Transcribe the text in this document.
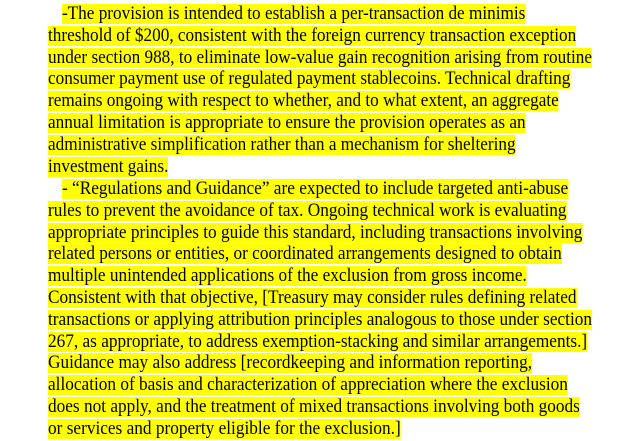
-The provision is intended to establish a per-transaction de minimis
threshold of $200, consistent with the foreign currency transaction exception
under section 988, to eliminate low-value gain recognition arising from routine
consumer payment use of regulated payment stablecoins. Technical drafting
remains ongoing with respect to whether, and to what extent, an aggregate
annual limitation is appropriate to ensure the provision operates as an
administrative simplification rather than a mechanism for sheltering
investment gains.
- “Regulations and Guidance” are expected to include targeted anti-abuse
rules to prevent the avoidance of tax. Ongoing technical work is evaluating
appropriate principles to guide this standard, including transactions involving
related persons or entities, or coordinated arrangements designed to obtain
multiple unintended applications of the exclusion from gross income.
Consistent with that objective, [Treasury may consider rules defining related
transactions or applying attribution principles analogous to those under section
267, as appropriate, to address exemption-stacking and similar arrangements.]
Guidance may also address [recordkeeping and information reporting,
allocation of basis and characterization of appreciation where the exclusion
does not apply, and the treatment of mixed transactions involving both goods
or services and property eligible for the exclusion.]
